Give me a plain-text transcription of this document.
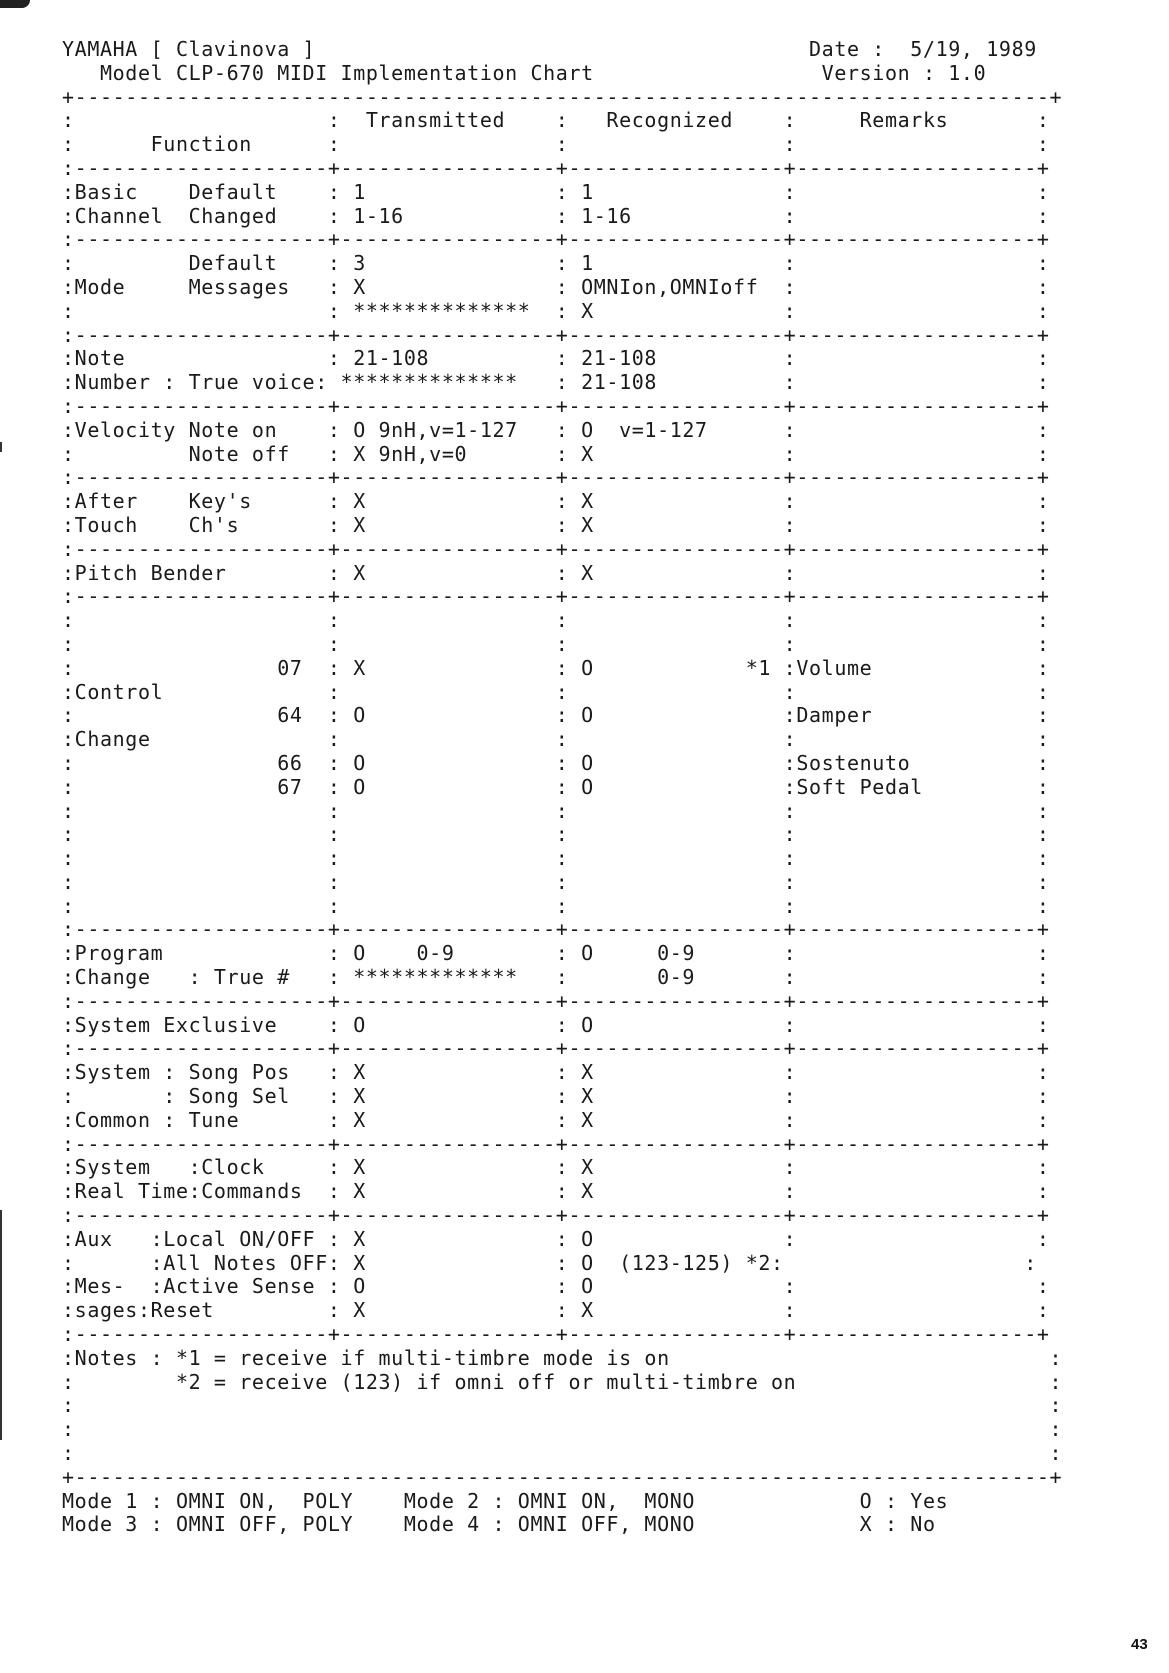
YAMAHA [ Clavinova ]                                       Date :  5/19, 1989
Model CLP-670 MIDI Implementation Chart                  Version : 1.0
+-----------------------------------------------------------------------------+
:                    :  Transmitted    :   Recognized    :     Remarks       :
:      Function      :                 :                 :                   :
:--------------------+-----------------+-----------------+-------------------+
:Basic    Default    : 1               : 1               :                   :
:Channel  Changed    : 1-16            : 1-16            :                   :
:--------------------+-----------------+-----------------+-------------------+
:         Default    : 3               : 1               :                   :
:Mode     Messages   : X               : OMNIon,OMNIoff  :                   :
:                    : **************  : X               :                   :
:--------------------+-----------------+-----------------+-------------------+
:Note                : 21-108          : 21-108          :                   :
:Number : True voice: **************   : 21-108          :                   :
:--------------------+-----------------+-----------------+-------------------+
:Velocity Note on    : O 9nH,v=1-127   : O  v=1-127      :                   :
:         Note off   : X 9nH,v=0       : X               :                   :
:--------------------+-----------------+-----------------+-------------------+
:After    Key's      : X               : X               :                   :
:Touch    Ch's       : X               : X               :                   :
:--------------------+-----------------+-----------------+-------------------+
:Pitch Bender        : X               : X               :                   :
:--------------------+-----------------+-----------------+-------------------+
:                    :                 :                 :                   :
:                    :                 :                 :                   :
:                07  : X               : O            *1 :Volume             :
:Control             :                 :                 :                   :
:                64  : O               : O               :Damper             :
:Change              :                 :                 :                   :
:                66  : O               : O               :Sostenuto          :
:                67  : O               : O               :Soft Pedal         :
:                    :                 :                 :                   :
:                    :                 :                 :                   :
:                    :                 :                 :                   :
:                    :                 :                 :                   :
:                    :                 :                 :                   :
:--------------------+-----------------+-----------------+-------------------+
:Program             : O    0-9        : O     0-9       :                   :
:Change   : True #   : *************   :       0-9       :                   :
:--------------------+-----------------+-----------------+-------------------+
:System Exclusive    : O               : O               :                   :
:--------------------+-----------------+-----------------+-------------------+
:System : Song Pos   : X               : X               :                   :
:       : Song Sel   : X               : X               :                   :
:Common : Tune       : X               : X               :                   :
:--------------------+-----------------+-----------------+-------------------+
:System   :Clock     : X               : X               :                   :
:Real Time:Commands  : X               : X               :                   :
:--------------------+-----------------+-----------------+-------------------+
:Aux   :Local ON/OFF : X               : O               :                   :
:      :All Notes OFF: X               : O  (123-125) *2:                   :
:Mes-  :Active Sense : O               : O               :                   :
:sages:Reset         : X               : X               :                   :
:--------------------+-----------------+-----------------+-------------------+
:Notes : *1 = receive if multi-timbre mode is on                              :
:        *2 = receive (123) if omni off or multi-timbre on                    :
:                                                                             :
:                                                                             :
:                                                                             :
+-----------------------------------------------------------------------------+
Mode 1 : OMNI ON,  POLY    Mode 2 : OMNI ON,  MONO             O : Yes
Mode 3 : OMNI OFF, POLY    Mode 4 : OMNI OFF, MONO             X : No
43
